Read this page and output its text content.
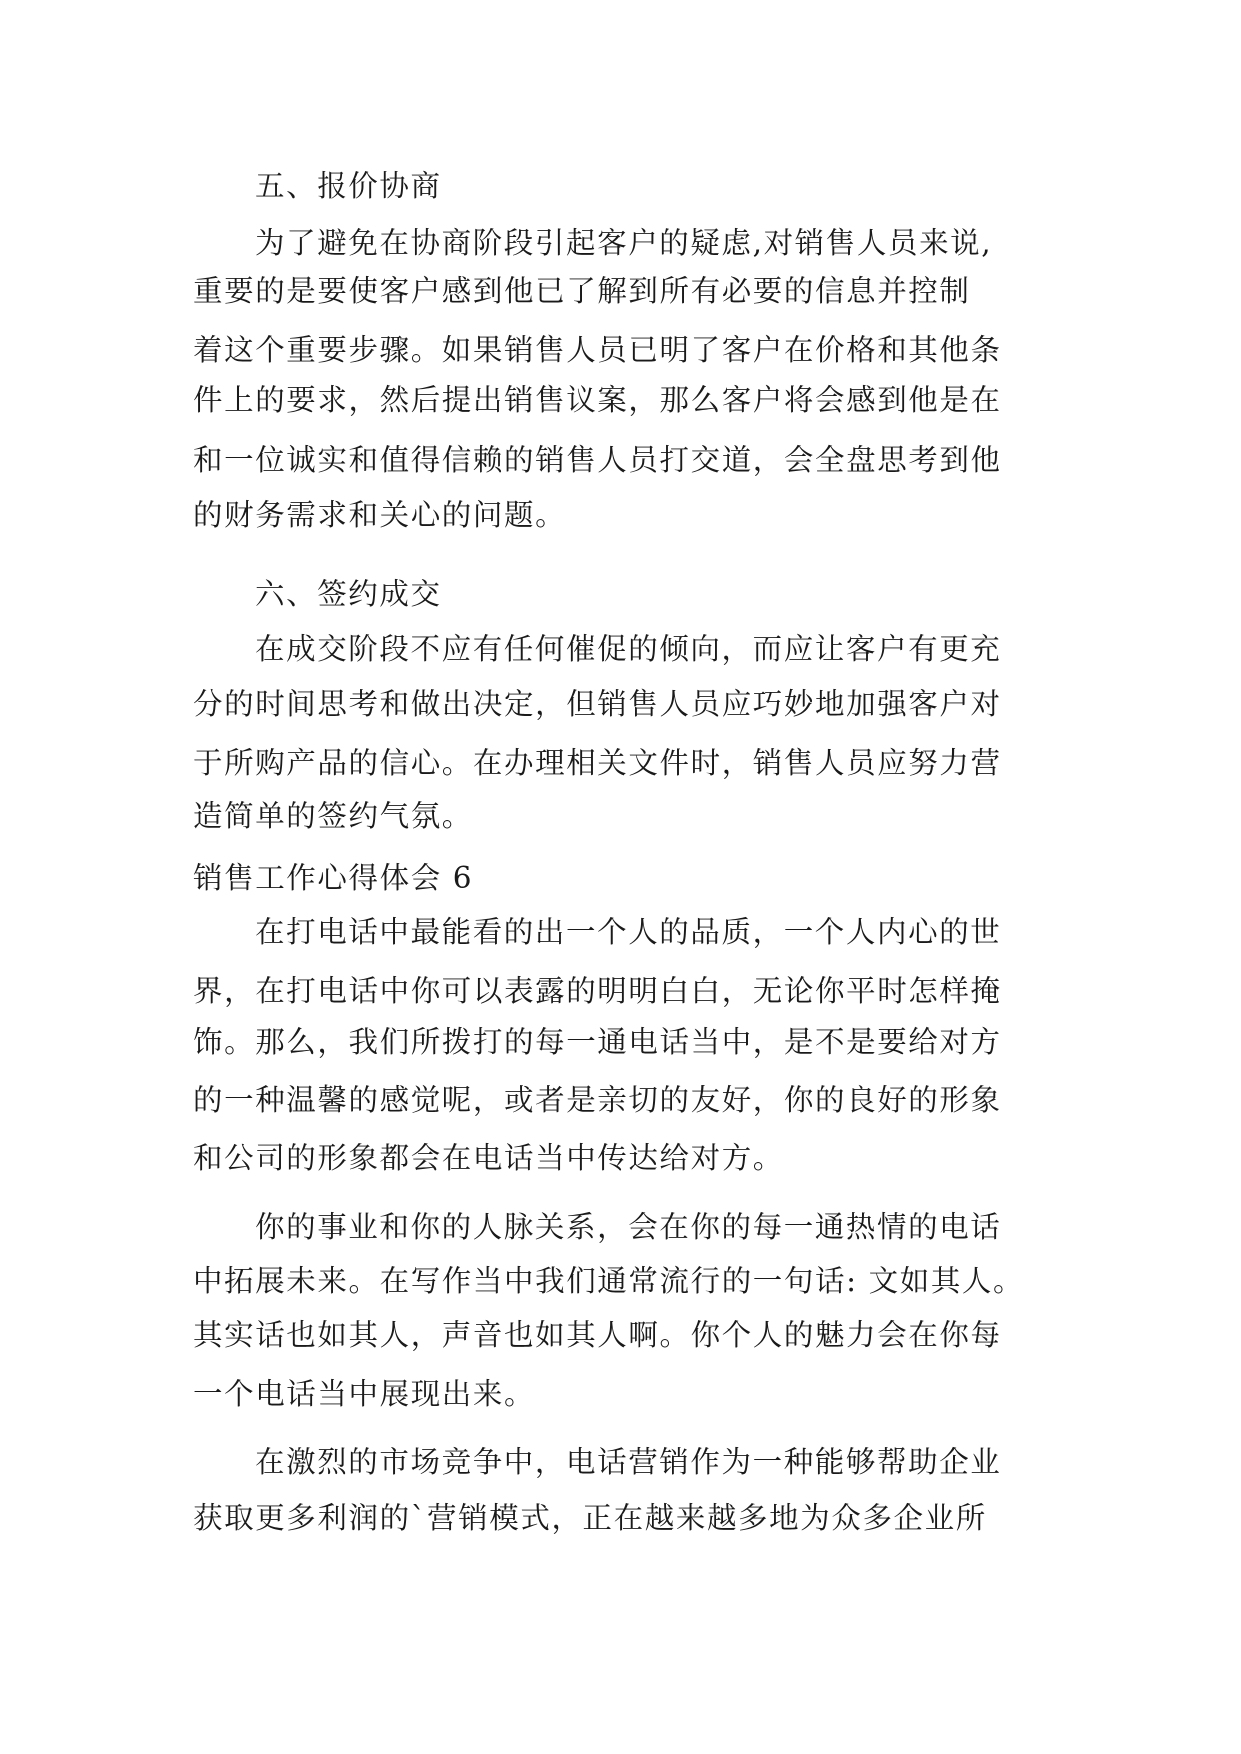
五、报价协商
为了避免在协商阶段引起客户的疑虑,对销售人员来说,
重要的是要使客户感到他已了解到所有必要的信息并控制
着这个重要步骤。如果销售人员已明了客户在价格和其他条
件上的要求，然后提出销售议案，那么客户将会感到他是在
和一位诚实和值得信赖的销售人员打交道，会全盘思考到他
的财务需求和关心的问题。
六、签约成交
在成交阶段不应有任何催促的倾向，而应让客户有更充
分的时间思考和做出决定，但销售人员应巧妙地加强客户对
于所购产品的信心。在办理相关文件时，销售人员应努力营
造简单的签约气氛。
销售工作心得体会 6
在打电话中最能看的出一个人的品质，一个人内心的世
界，在打电话中你可以表露的明明白白，无论你平时怎样掩
饰。那么，我们所拨打的每一通电话当中，是不是要给对方
的一种温馨的感觉呢，或者是亲切的友好，你的良好的形象
和公司的形象都会在电话当中传达给对方。
你的事业和你的人脉关系，会在你的每一通热情的电话
中拓展未来。在写作当中我们通常流行的一句话: 文如其人。
其实话也如其人，声音也如其人啊。你个人的魅力会在你每
一个电话当中展现出来。
在激烈的市场竞争中，电话营销作为一种能够帮助企业
获取更多利润的`营销模式，正在越来越多地为众多企业所
